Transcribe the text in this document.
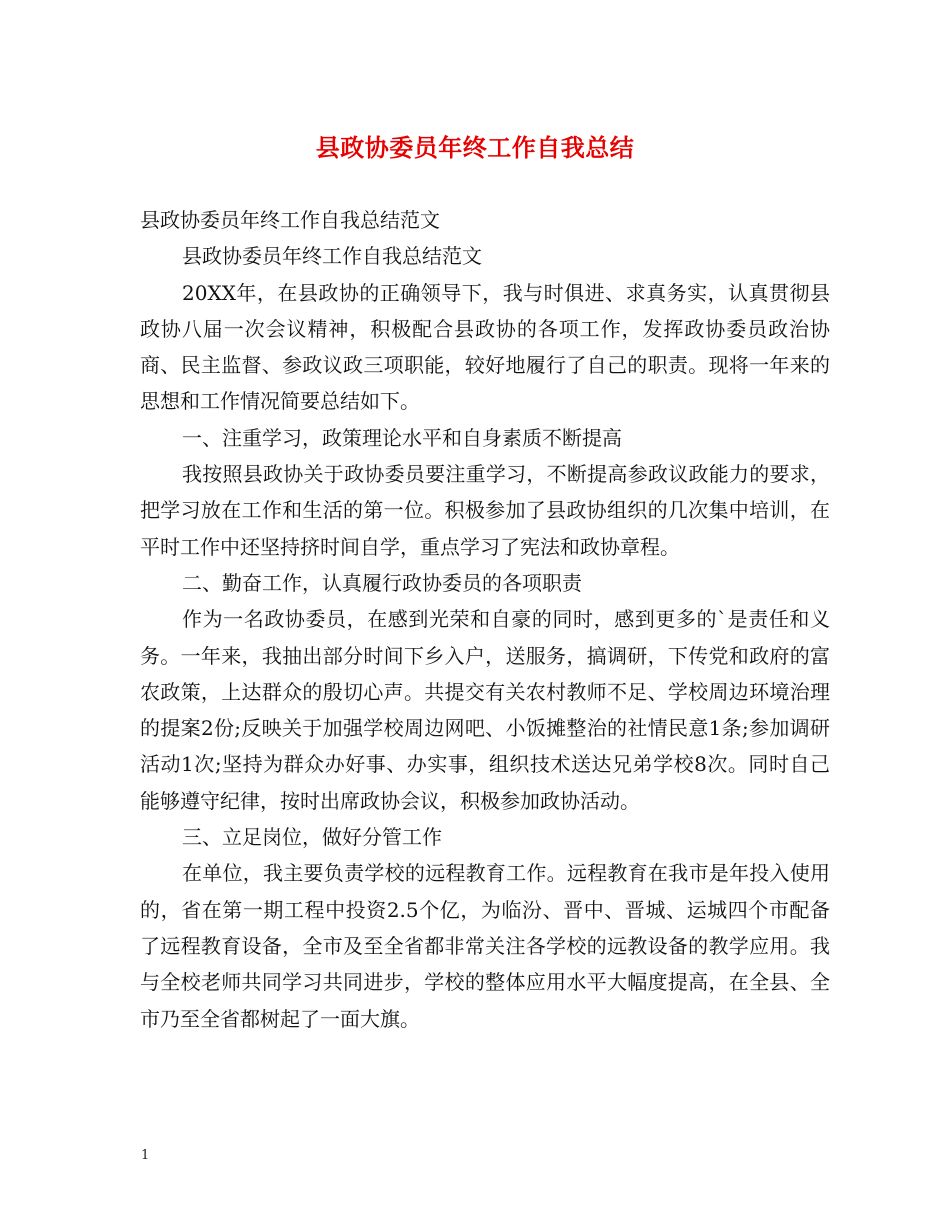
县政协委员年终工作自我总结

县政协委员年终工作自我总结范文

县政协委员年终工作自我总结范文

20XX年，在县政协的正确领导下，我与时俱进、求真务实，认真贯彻县政协八届一次会议精神，积极配合县政协的各项工作，发挥政协委员政治协商、民主监督、参政议政三项职能，较好地履行了自己的职责。现将一年来的思想和工作情况简要总结如下。

一、注重学习，政策理论水平和自身素质不断提高

我按照县政协关于政协委员要注重学习，不断提高参政议政能力的要求，把学习放在工作和生活的第一位。积极参加了县政协组织的几次集中培训，在平时工作中还坚持挤时间自学，重点学习了宪法和政协章程。

二、勤奋工作，认真履行政协委员的各项职责

作为一名政协委员，在感到光荣和自豪的同时，感到更多的`是责任和义务。一年来，我抽出部分时间下乡入户，送服务，搞调研，下传党和政府的富农政策，上达群众的殷切心声。共提交有关农村教师不足、学校周边环境治理的提案2份;反映关于加强学校周边网吧、小饭摊整治的社情民意1条;参加调研活动1次;坚持为群众办好事、办实事，组织技术送达兄弟学校8次。同时自己能够遵守纪律，按时出席政协会议，积极参加政协活动。

三、立足岗位，做好分管工作

在单位，我主要负责学校的远程教育工作。远程教育在我市是年投入使用的，省在第一期工程中投资2.5个亿，为临汾、晋中、晋城、运城四个市配备了远程教育设备，全市及至全省都非常关注各学校的远教设备的教学应用。我与全校老师共同学习共同进步，学校的整体应用水平大幅度提高，在全县、全市乃至全省都树起了一面大旗。

1
